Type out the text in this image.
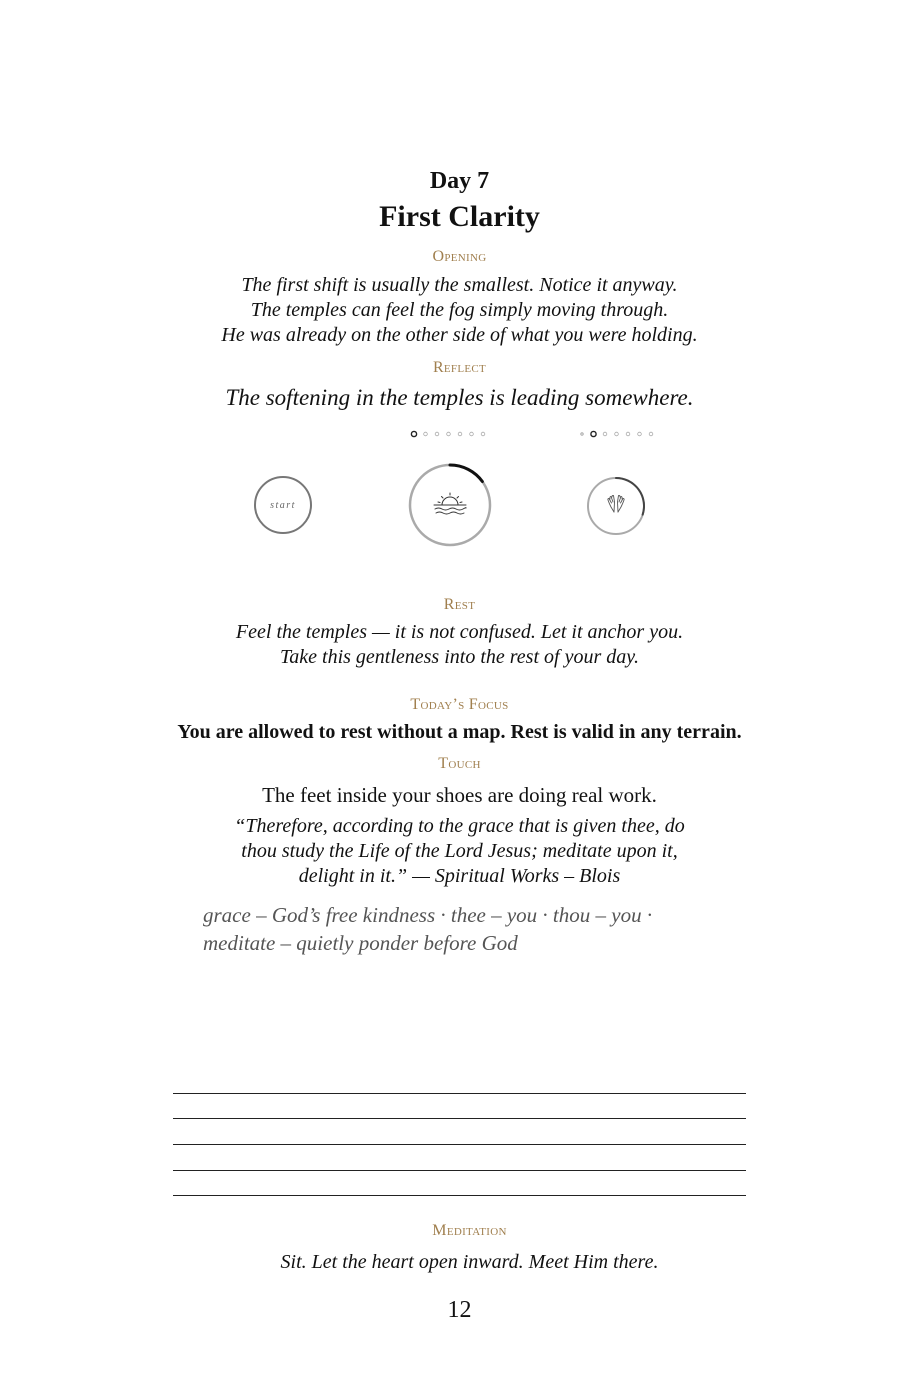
Day 7
First Clarity
Opening
The first shift is usually the smallest. Notice it anyway.
The temples can feel the fog simply moving through.
He was already on the other side of what you were holding.
Reflect
The softening in the temples is leading somewhere.
start
Rest
Feel the temples — it is not confused. Let it anchor you.
Take this gentleness into the rest of your day.
Today’s Focus
You are allowed to rest without a map. Rest is valid in any terrain.
Touch
The feet inside your shoes are doing real work.
“Therefore, according to the grace that is given thee, do
thou study the Life of the Lord Jesus; meditate upon it,
delight in it.” — Spiritual Works – Blois
grace – God’s free kindness · thee – you · thou – you ·
meditate – quietly ponder before God
Meditation
Sit. Let the heart open inward. Meet Him there.
12
